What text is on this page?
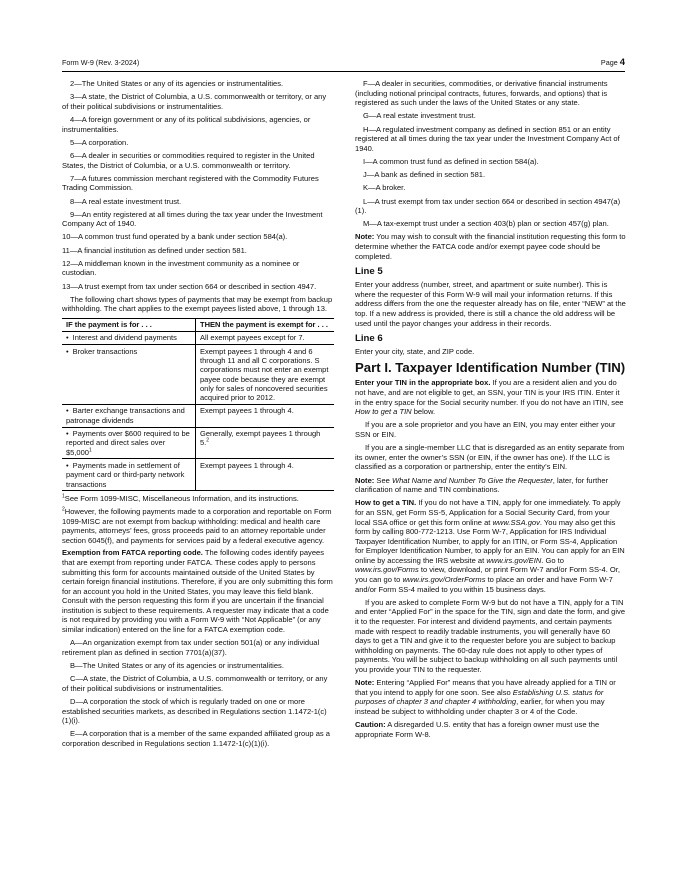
Form W-9 (Rev. 3-2024)	Page 4

2—The United States or any of its agencies or instrumentalities.

3—A state, the District of Columbia, a U.S. commonwealth or territory, or any of their political subdivisions or instrumentalities.

4—A foreign government or any of its political subdivisions, agencies, or instrumentalities.

5—A corporation.

6—A dealer in securities or commodities required to register in the United States, the District of Columbia, or a U.S. commonwealth or territory.

7—A futures commission merchant registered with the Commodity Futures Trading Commission.

8—A real estate investment trust.

9—An entity registered at all times during the tax year under the Investment Company Act of 1940.

10—A common trust fund operated by a bank under section 584(a).

11—A financial institution as defined under section 581.

12—A middleman known in the investment community as a nominee or custodian.

13—A trust exempt from tax under section 664 or described in section 4947.

The following chart shows types of payments that may be exempt from backup withholding. The chart applies to the exempt payees listed above, 1 through 13.

IF the payment is for . . .	THEN the payment is exempt for . . .
• Interest and dividend payments	All exempt payees except for 7.
• Broker transactions	Exempt payees 1 through 4 and 6 through 11 and all C corporations. S corporations must not enter an exempt payee code because they are exempt only for sales of noncovered securities acquired prior to 2012.
• Barter exchange transactions and patronage dividends	Exempt payees 1 through 4.
• Payments over $600 required to be reported and direct sales over $5,000$^1$	Generally, exempt payees 1 through 5.$^2$
• Payments made in settlement of payment card or third-party network transactions	Exempt payees 1 through 4.

$^1$See Form 1099-MISC, Miscellaneous Information, and its instructions.

$^2$However, the following payments made to a corporation and reportable on Form 1099-MISC are not exempt from backup withholding: medical and health care payments, attorneys’ fees, gross proceeds paid to an attorney reportable under section 6045(f), and payments for services paid by a federal executive agency.

Exemption from FATCA reporting code. The following codes identify payees that are exempt from reporting under FATCA. These codes apply to persons submitting this form for accounts maintained outside of the United States by certain foreign financial institutions. Therefore, if you are only submitting this form for an account you hold in the United States, you may leave this field blank. Consult with the person requesting this form if you are uncertain if the financial institution is subject to these requirements. A requester may indicate that a code is not required by providing you with a Form W-9 with “Not Applicable” (or any similar indication) entered on the line for a FATCA exemption code.

A—An organization exempt from tax under section 501(a) or any individual retirement plan as defined in section 7701(a)(37).

B—The United States or any of its agencies or instrumentalities.

C—A state, the District of Columbia, a U.S. commonwealth or territory, or any of their political subdivisions or instrumentalities.

D—A corporation the stock of which is regularly traded on one or more established securities markets, as described in Regulations section 1.1472-1(c)(1)(i).

E—A corporation that is a member of the same expanded affiliated group as a corporation described in Regulations section 1.1472-1(c)(1)(i).

F—A dealer in securities, commodities, or derivative financial instruments (including notional principal contracts, futures, forwards, and options) that is registered as such under the laws of the United States or any state.

G—A real estate investment trust.

H—A regulated investment company as defined in section 851 or an entity registered at all times during the tax year under the Investment Company Act of 1940.

I—A common trust fund as defined in section 584(a).

J—A bank as defined in section 581.

K—A broker.

L—A trust exempt from tax under section 664 or described in section 4947(a)(1).

M—A tax-exempt trust under a section 403(b) plan or section 457(g) plan.

Note: You may wish to consult with the financial institution requesting this form to determine whether the FATCA code and/or exempt payee code should be completed.

Line 5

Enter your address (number, street, and apartment or suite number). This is where the requester of this Form W-9 will mail your information returns. If this address differs from the one the requester already has on file, enter “NEW” at the top. If a new address is provided, there is still a chance the old address will be used until the payor changes your address in their records.

Line 6

Enter your city, state, and ZIP code.

Part I. Taxpayer Identification Number (TIN)

Enter your TIN in the appropriate box. If you are a resident alien and you do not have, and are not eligible to get, an SSN, your TIN is your IRS ITIN. Enter it in the entry space for the Social security number. If you do not have an ITIN, see How to get a TIN below.

If you are a sole proprietor and you have an EIN, you may enter either your SSN or EIN.

If you are a single-member LLC that is disregarded as an entity separate from its owner, enter the owner’s SSN (or EIN, if the owner has one). If the LLC is classified as a corporation or partnership, enter the entity’s EIN.

Note: See What Name and Number To Give the Requester, later, for further clarification of name and TIN combinations.

How to get a TIN. If you do not have a TIN, apply for one immediately. To apply for an SSN, get Form SS-5, Application for a Social Security Card, from your local SSA office or get this form online at www.SSA.gov. You may also get this form by calling 800-772-1213. Use Form W-7, Application for IRS Individual Taxpayer Identification Number, to apply for an ITIN, or Form SS-4, Application for Employer Identification Number, to apply for an EIN. You can apply for an EIN online by accessing the IRS website at www.irs.gov/EIN. Go to www.irs.gov/Forms to view, download, or print Form W-7 and/or Form SS-4. Or, you can go to www.irs.gov/OrderForms to place an order and have Form W-7 and/or Form SS-4 mailed to you within 15 business days.

If you are asked to complete Form W-9 but do not have a TIN, apply for a TIN and enter “Applied For” in the space for the TIN, sign and date the form, and give it to the requester. For interest and dividend payments, and certain payments made with respect to readily tradable instruments, you will generally have 60 days to get a TIN and give it to the requester before you are subject to backup withholding on payments. The 60-day rule does not apply to other types of payments. You will be subject to backup withholding on all such payments until you provide your TIN to the requester.

Note: Entering “Applied For” means that you have already applied for a TIN or that you intend to apply for one soon. See also Establishing U.S. status for purposes of chapter 3 and chapter 4 withholding, earlier, for when you may instead be subject to withholding under chapter 3 or 4 of the Code.

Caution: A disregarded U.S. entity that has a foreign owner must use the appropriate Form W-8.
